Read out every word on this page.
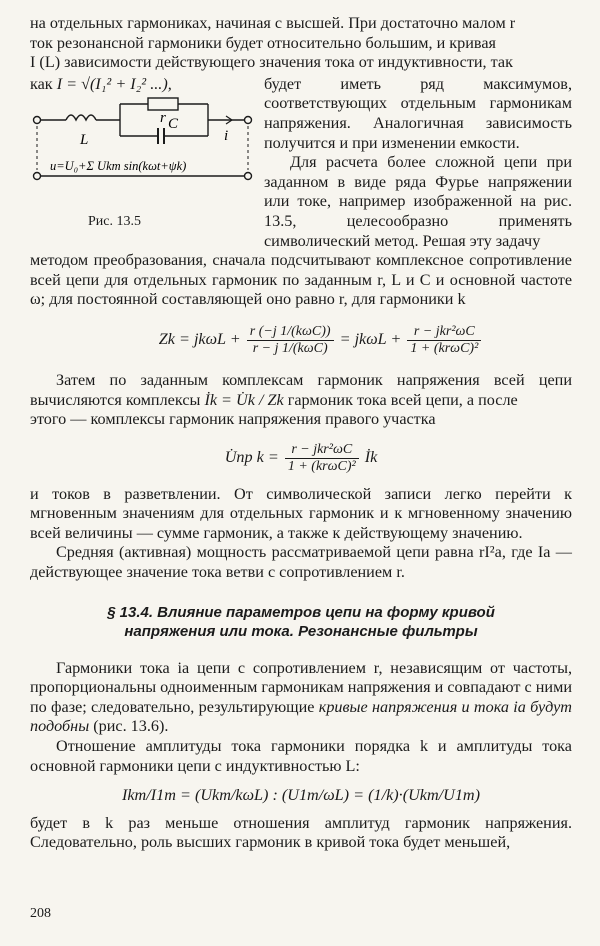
на отдельных гармониках, начиная с высшей. При достаточно малом r

ток резонансной гармоники будет относительно большим, и кривая

I (L) зависимости действующего значения тока от индуктивности, так

как I = √(I₁² + I₂² ...),
L
r C
i
u=U₀+Σ Ukm sin(kωt+ψk)
Рис. 13.5

будет иметь ряд максимумов, соответствующих отдельным гармоникам напряжения. Аналогичная зависимость получится и при изменении емкости.

Для расчета более сложной цепи при заданном в виде ряда Фурье напряжении или токе, например изображенной на рис. 13.5, целесообразно применять символический метод. Решая эту задачу

методом преобразования, сначала подсчитывают комплексное сопротивление всей цепи для отдельных гармоник по заданным r, L и C и основной частоте ω; для постоянной составляющей оно равно r, для гармоники k

$Zk = jk\omega L + \frac{\text{r (−j 1/(kωC))}}{\text{r − j 1/(kωC)}} = jk\omega L + \frac{\text{r − jkr²ωC}}{\text{1 + (krωC)²}}$

Затем по заданным комплексам гармоник напряжения всей цепи вычисляются комплексы İk = U̇k / Zk гармоник тока всей цепи, а после

этого — комплексы гармоник напряжения правого участка

U̇пр $k = \frac{\text{r − jkr²ωC}}{\text{1 + (krωC)²}}$ İk

и токов в разветвлении. От символической записи легко перейти к мгновенным значениям для отдельных гармоник и к мгновенному значению всей величины — сумме гармоник, а также к действующему значению.

Средняя (активная) мощность рассматриваемой цепи равна rI²a, где Ia — действующее значение тока ветви с сопротивлением r.

§ 13.4. Влияние параметров цепи на форму кривой
напряжения или тока. Резонансные фильтры

Гармоники тока iа цепи с сопротивлением r, независящим от частоты, пропорциональны одноименным гармоникам напряжения и совпадают с ними по фазе; следовательно, результирующие кривые напряжения и тока iа будут подобны (рис. 13.6).

Отношение амплитуды тока гармоники порядка k и амплитуды тока основной гармоники цепи с индуктивностью L:

Ikm/I1m = (Ukm/kωL) : (U1m/ωL) = (1/k)·(Ukm/U1m)

будет в k раз меньше отношения амплитуд гармоник напряжения. Следовательно, роль высших гармоник в кривой тока будет меньшей,

208
